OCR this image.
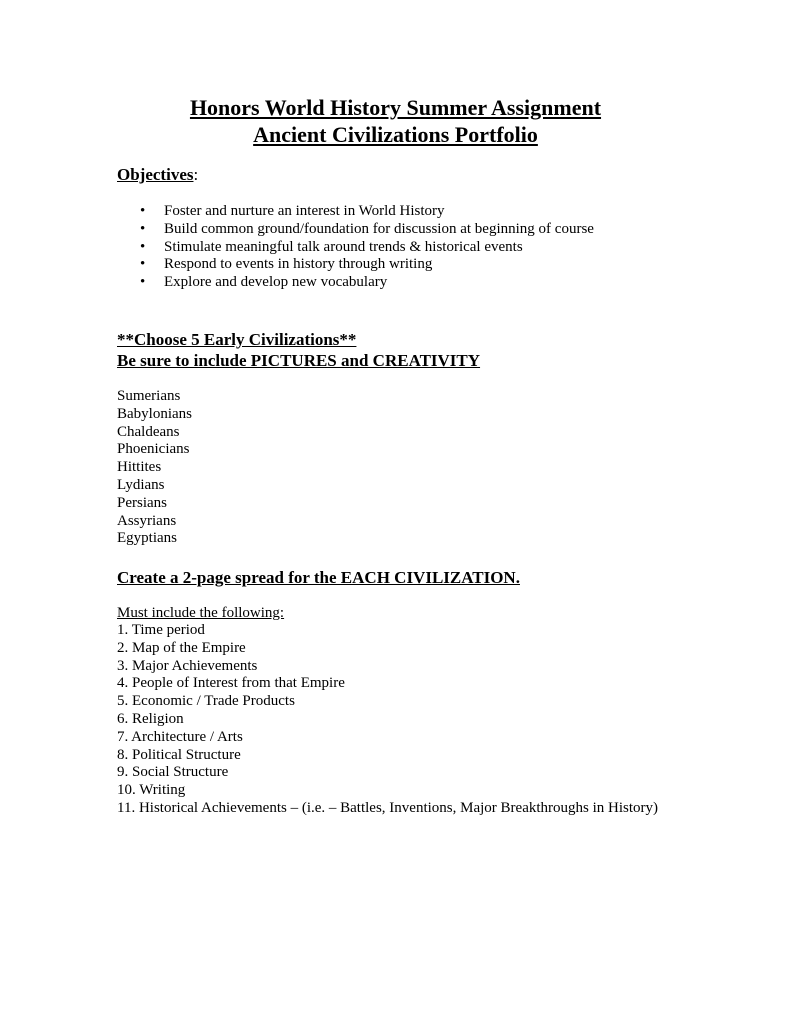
Honors World History Summer Assignment
Ancient Civilizations Portfolio
Objectives:
• Foster and nurture an interest in World History
• Build common ground/foundation for discussion at beginning of course
• Stimulate meaningful talk around trends & historical events
• Respond to events in history through writing
• Explore and develop new vocabulary
**Choose 5 Early Civilizations**
Be sure to include PICTURES and CREATIVITY
Sumerians
Babylonians
Chaldeans
Phoenicians
Hittites
Lydians
Persians
Assyrians
Egyptians
Create a 2-page spread for the EACH CIVILIZATION.
Must include the following:
1. Time period
2. Map of the Empire
3. Major Achievements
4. People of Interest from that Empire
5. Economic / Trade Products
6. Religion
7. Architecture / Arts
8. Political Structure
9. Social Structure
10. Writing
11. Historical Achievements – (i.e. – Battles, Inventions, Major Breakthroughs in History)
